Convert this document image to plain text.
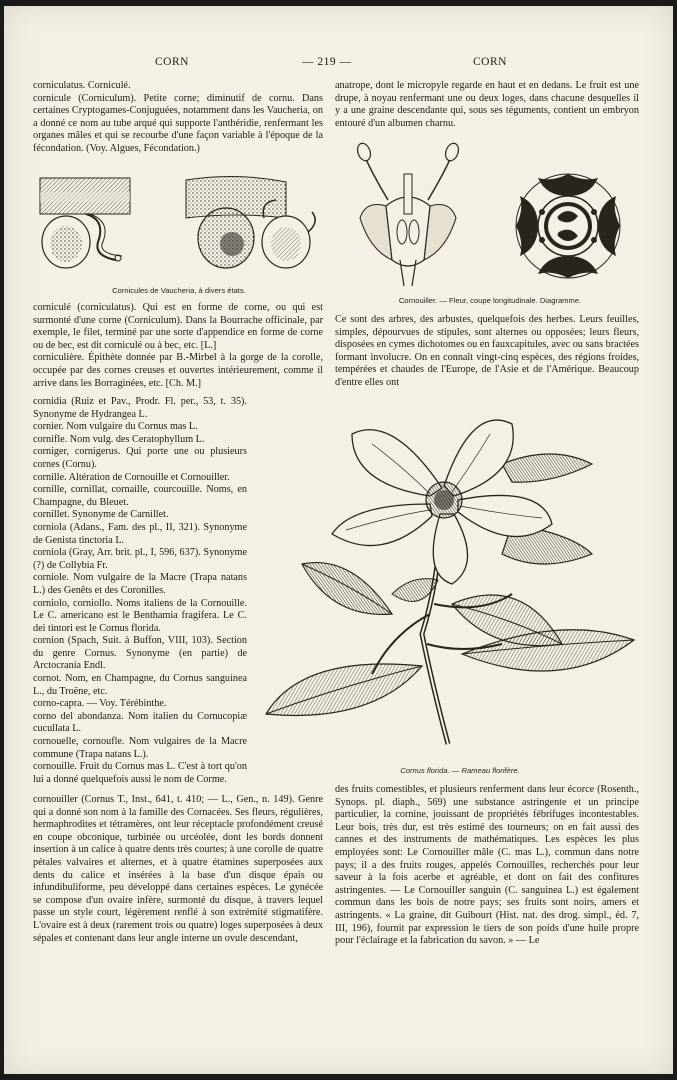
CORN	— 219 —	CORN

corniculatus. Corniculé.

cornicule (Corniculum). Petite corne; diminutif de cornu. Dans certaines Cryptogames-Conjuguées, notamment dans les Vaucheria, on a donné ce nom au tube arqué qui supporte l'anthéridie, renfermant les organes mâles et qui se recourbe d'une façon variable à l'époque de la fécondation. (Voy. Algues, Fécondation.)

Cornicules de Vaucheria, à divers états.

corniculé (corniculatus). Qui est en forme de corne, ou qui est surmonté d'une corne (Corniculum). Dans la Bourrache officinale, par exemple, le filet, terminé par une sorte d'appendice en forme de corne ou de bec, est dit corniculé ou à bec, etc. [L.]

corniculière. Épithète donnée par B.-Mirbel à la gorge de la corolle, occupée par des cornes creuses et ouvertes intérieurement, comme il arrive dans les Borraginées, etc. [Ch. M.]

cornidia (Ruiz et Pav., Prodr. Fl. per., 53, t. 35). Synonyme de Hydrangea L.

cornier. Nom vulgaire du Cornus mas L.

cornifle. Nom vulg. des Ceratophyllum L.

corniger, cornigerus. Qui porte une ou plusieurs cornes (Cornu).

cornille. Altération de Cornouille et Cornouiller.

cornille, cornillat, cornaille, courcouille. Noms, en Champagne, du Bleuet.

cornillet. Synonyme de Carnillet.

corniola (Adans., Fam. des pl., II, 321). Synonyme de Genista tinctoria L.

corniola (Gray, Arr. brit. pl., I, 596, 637). Synonyme (?) de Collybia Fr.

corniole. Nom vulgaire de la Macre (Trapa natans L.) des Genêts et des Coronilles.

corniolo, corniollo. Noms italiens de la Cornouille. Le C. americano est le Benthamia fragifera. Le C. dei tintori est le Cornus florida.

cornion (Spach, Suit. à Buffon, VIII, 103). Section du genre Cornus. Synonyme (en partie) de Arctocrania Endl.

cornot. Nom, en Champagne, du Cornus sanguinea L., du Troëne, etc.

corno-capra. — Voy. Térébinthe.

corno del abondanza. Nom italien du Cornucopiæ cucullata L.

cornouelle, cornoufle. Nom vulgaires de la Macre commune (Trapa natans L.).

cornouille. Fruit du Cornus mas L. C'est à tort qu'on lui a donné quelquefois aussi le nom de Corme.

cornouiller (Cornus T., Inst., 641, t. 410; — L., Gen., n. 149). Genre qui a donné son nom à la famille des Cornacées. Ses fleurs, régulières, hermaphrodites et tétramères, ont leur réceptacle profondément creusé en coupe obconique, turbinée ou urcéolée, dont les bords donnent insertion à un calice à quatre dents très courtes; à une corolle de quatre pétales valvaires et alternes, et à quatre étamines superposées aux dents du calice et insérées à la base d'un disque épais ou infundibuliforme, peu développé dans certaines espèces. Le gynécée se compose d'un ovaire infère, surmonté du disque, à travers lequel passe un style court, légèrement renflé à son extrémité stigmatifère. L'ovaire est à deux (rarement trois ou quatre) loges superposées à deux sépales et contenant dans leur angle interne un ovule descendant,

anatrope, dont le micropyle regarde en haut et en dedans. Le fruit est une drupe, à noyau renfermant une ou deux loges, dans chacune desquelles il y a une graine descendante qui, sous ses téguments, contient un embryon entouré d'un albumen charnu.

Cornouiller. — Fleur, coupe longitudinale. Diagramme.

Ce sont des arbres, des arbustes, quelquefois des herbes. Leurs feuilles, simples, dépourvues de stipules, sont alternes ou opposées; leurs fleurs, disposées en cymes dichotomes ou en fauxcapitules, avec ou sans bractées formant involucre. On en connaît vingt-cinq espèces, des régions froides, tempérées et chaudes de l'Europe, de l'Asie et de l'Amérique. Beaucoup d'entre elles ont

Cornus florida. — Rameau florifère.

des fruits comestibles, et plusieurs renferment dans leur écorce (Rosenth., Synops. pl. diaph., 569) une substance astringente et un principe particulier, la cornine, jouissant de propriétés fébrifuges incontestables. Leur bois, très dur, est très estimé des tourneurs; on en fait aussi des cannes et des instruments de mathématiques. Les espèces les plus employées sont: Le Cornouiller mâle (C. mas L.), commun dans notre pays; il a des fruits rouges, appelés Cornouilles, recherchés pour leur saveur à la fois acerbe et agréable, et dont on fait des confitures astringentes. — Le Cornouiller sanguin (C. sanguinea L.) est également commun dans les bois de notre pays; ses fruits sont noirs, amers et astringents. « La graine, dit Guibourt (Hist. nat. des drog. simpl., éd. 7, III, 196), fournit par expression le tiers de son poids d'une huile propre pour l'éclairage et la fabrication du savon. » — Le
